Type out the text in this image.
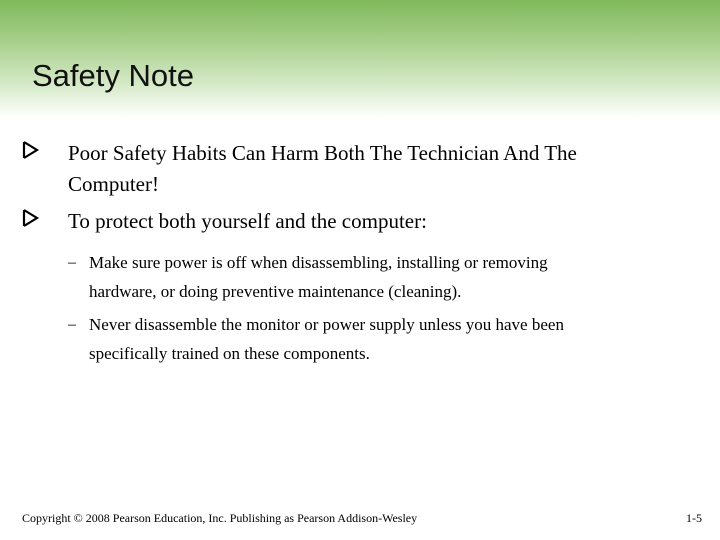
Safety Note
Poor Safety Habits Can Harm Both The Technician And The
Computer!
To protect both yourself and the computer:
– Make sure power is off when disassembling, installing or removing
hardware, or doing preventive maintenance (cleaning).
– Never disassemble the monitor or power supply unless you have been
specifically trained on these components.
Copyright © 2008 Pearson Education, Inc. Publishing as Pearson Addison-Wesley	1-5
